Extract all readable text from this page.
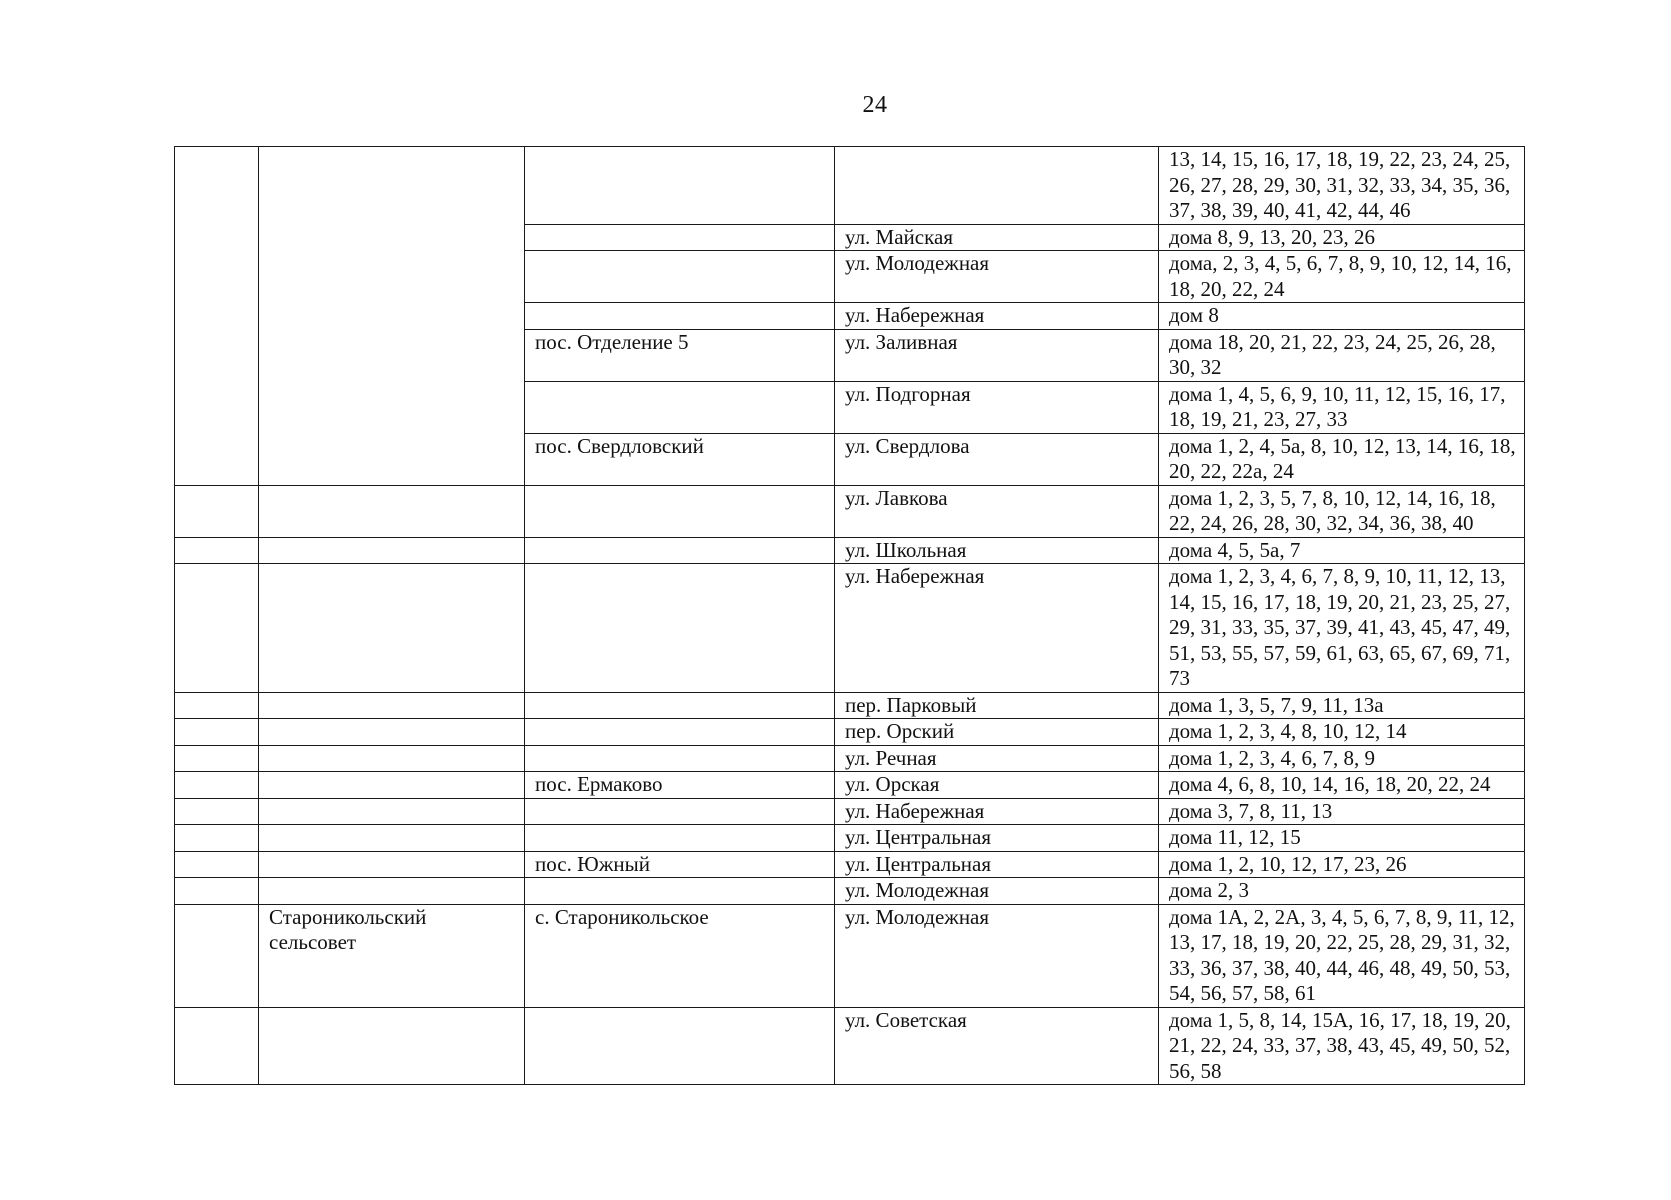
24
				13, 14, 15, 16, 17, 18, 19, 22, 23, 24, 25, 26, 27, 28, 29, 30, 31, 32, 33, 34, 35, 36, 37, 38, 39, 40, 41, 42, 44, 46
			ул. Майская	дома 8, 9, 13, 20, 23, 26
			ул. Молодежная	дома, 2, 3, 4, 5, 6, 7, 8, 9, 10, 12, 14, 16, 18, 20, 22, 24
			ул. Набережная	дом 8
		пос. Отделение 5	ул. Заливная	дома 18, 20, 21, 22, 23, 24, 25, 26, 28, 30, 32
			ул. Подгорная	дома 1, 4, 5, 6, 9, 10, 11, 12, 15, 16, 17, 18, 19, 21, 23, 27, 33
		пос. Свердловский	ул. Свердлова	дома 1, 2, 4, 5а, 8, 10, 12, 13, 14, 16, 18, 20, 22, 22а, 24
			ул. Лавкова	дома 1, 2, 3, 5, 7, 8, 10, 12, 14, 16, 18, 22, 24, 26, 28, 30, 32, 34, 36, 38, 40
			ул. Школьная	дома 4, 5, 5а, 7
			ул. Набережная	дома 1, 2, 3, 4, 6, 7, 8, 9, 10, 11, 12, 13, 14, 15, 16, 17, 18, 19, 20, 21, 23, 25, 27, 29, 31, 33, 35, 37, 39, 41, 43, 45, 47, 49, 51, 53, 55, 57, 59, 61, 63, 65, 67, 69, 71, 73
			пер. Парковый	дома 1, 3, 5, 7, 9, 11, 13а
			пер. Орский	дома 1, 2, 3, 4, 8, 10, 12, 14
			ул. Речная	дома 1, 2, 3, 4, 6, 7, 8, 9
		пос. Ермаково	ул. Орская	дома 4, 6, 8, 10, 14, 16, 18, 20, 22, 24
			ул. Набережная	дома 3, 7, 8, 11, 13
			ул. Центральная	дома 11, 12, 15
		пос. Южный	ул. Центральная	дома 1, 2, 10, 12, 17, 23, 26
			ул. Молодежная	дома 2, 3
	Староникольский сельсовет	с. Староникольское	ул. Молодежная	дома 1А, 2, 2А, 3, 4, 5, 6, 7, 8, 9, 11, 12, 13, 17, 18, 19, 20, 22, 25, 28, 29, 31, 32, 33, 36, 37, 38, 40, 44, 46, 48, 49, 50, 53, 54, 56, 57, 58, 61
			ул. Советская	дома 1, 5, 8, 14, 15А, 16, 17, 18, 19, 20, 21, 22, 24, 33, 37, 38, 43, 45, 49, 50, 52, 56, 58
